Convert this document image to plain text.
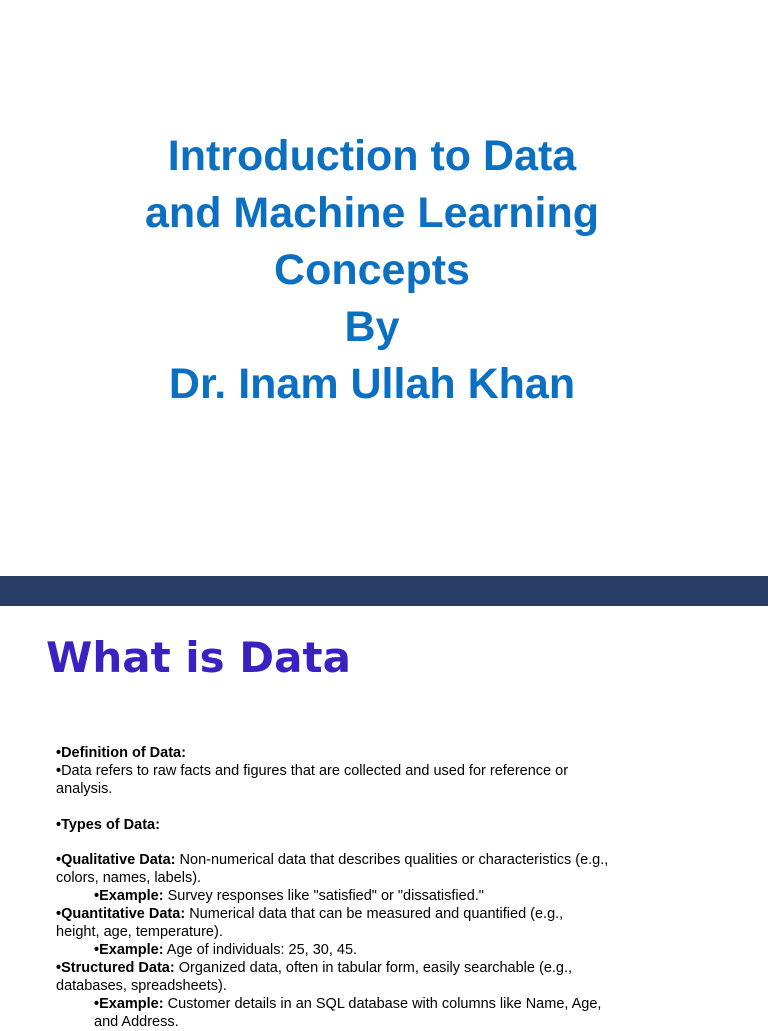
Introduction to Data
and Machine Learning
Concepts
By
Dr. Inam Ullah Khan
What is Data
•Definition of Data:
•Data refers to raw facts and figures that are collected and used for reference or
analysis.
•Types of Data:
•Qualitative Data: Non-numerical data that describes qualities or characteristics (e.g.,
colors, names, labels).
•Example: Survey responses like "satisfied" or "dissatisfied."
•Quantitative Data: Numerical data that can be measured and quantified (e.g.,
height, age, temperature).
•Example: Age of individuals: 25, 30, 45.
•Structured Data: Organized data, often in tabular form, easily searchable (e.g.,
databases, spreadsheets).
•Example: Customer details in an SQL database with columns like Name, Age,
and Address.
